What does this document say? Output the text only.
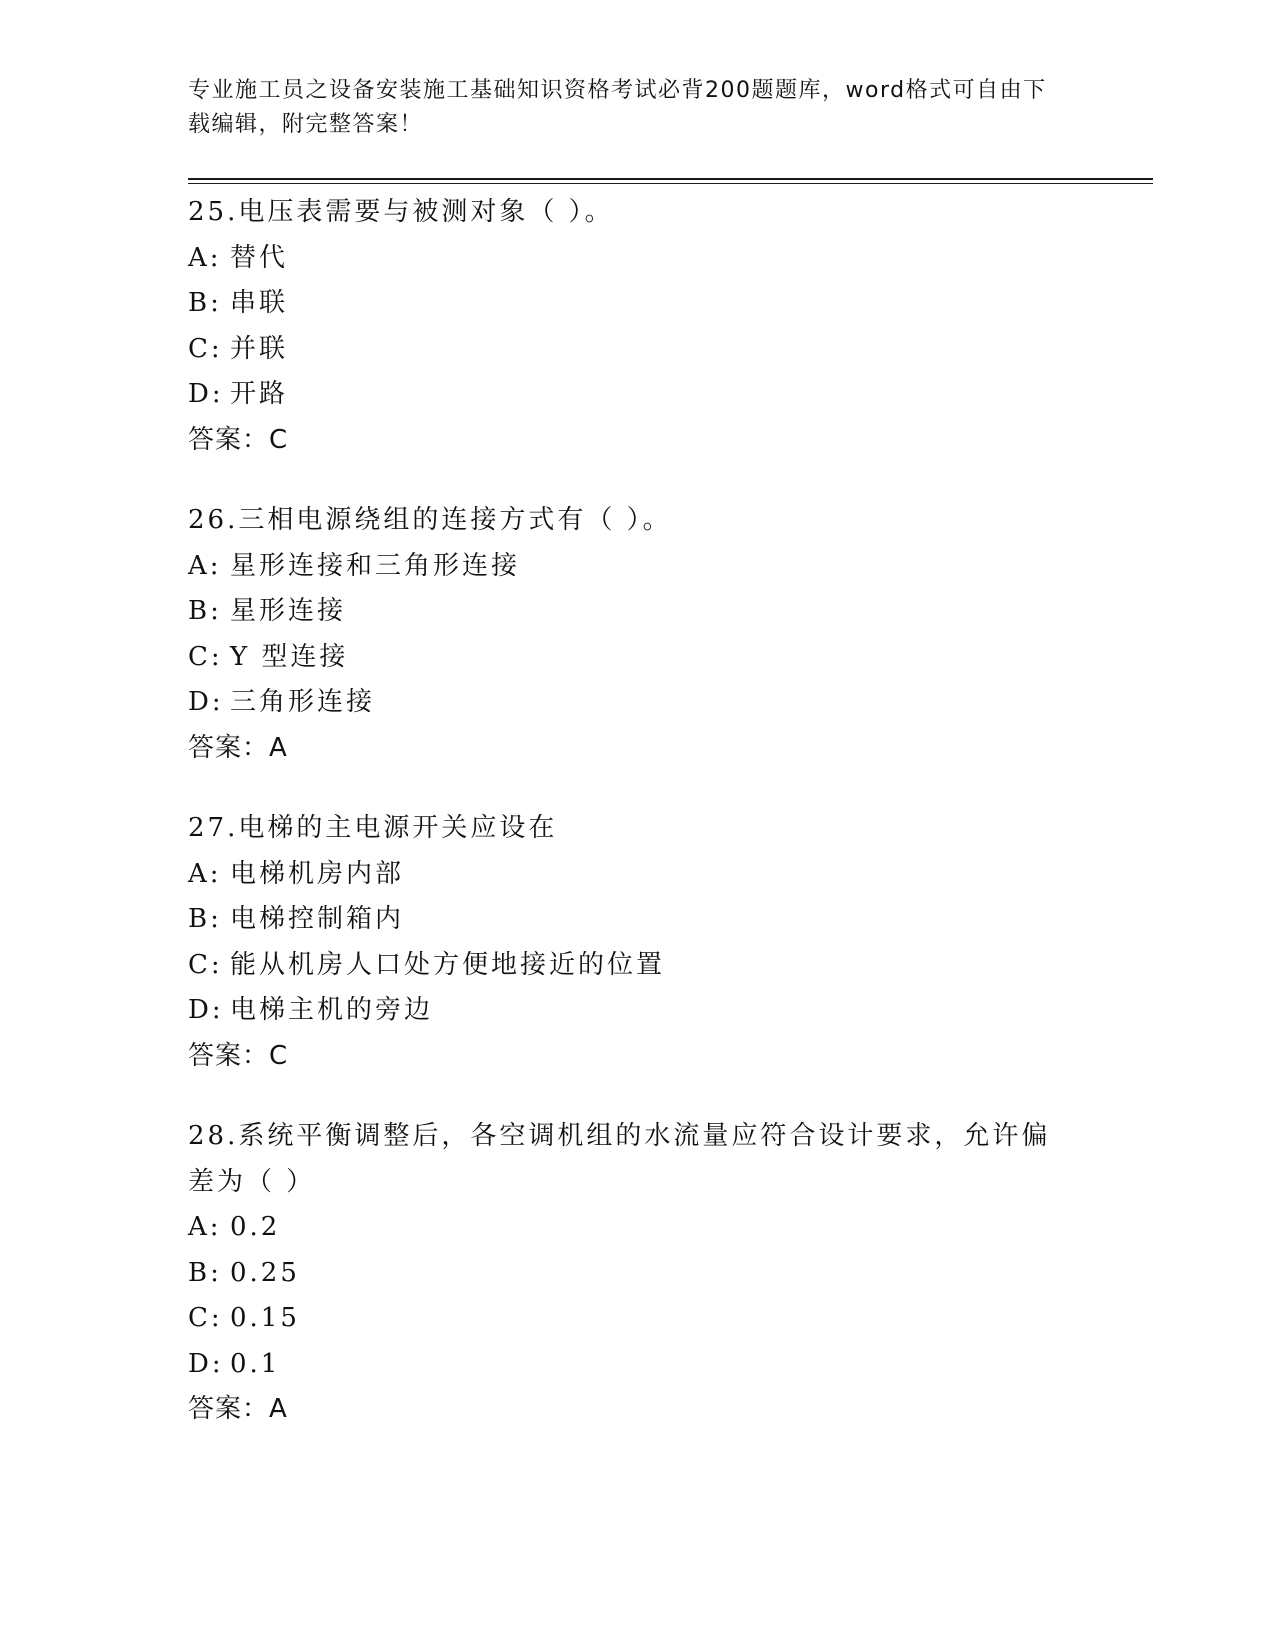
专业施工员之设备安装施工基础知识资格考试必背200题题库，word格式可自由下载编辑，附完整答案！
25.电压表需要与被测对象（ ）。
A: 替代
B: 串联
C: 并联
D: 开路
答案：C
26.三相电源绕组的连接方式有（ ）。
A: 星形连接和三角形连接
B: 星形连接
C: Y 型连接
D: 三角形连接
答案：A
27.电梯的主电源开关应设在
A: 电梯机房内部
B: 电梯控制箱内
C: 能从机房人口处方便地接近的位置
D: 电梯主机的旁边
答案：C
28.系统平衡调整后，各空调机组的水流量应符合设计要求，允许偏差为（ ）
A: 0.2
B: 0.25
C: 0.15
D: 0.1
答案：A
